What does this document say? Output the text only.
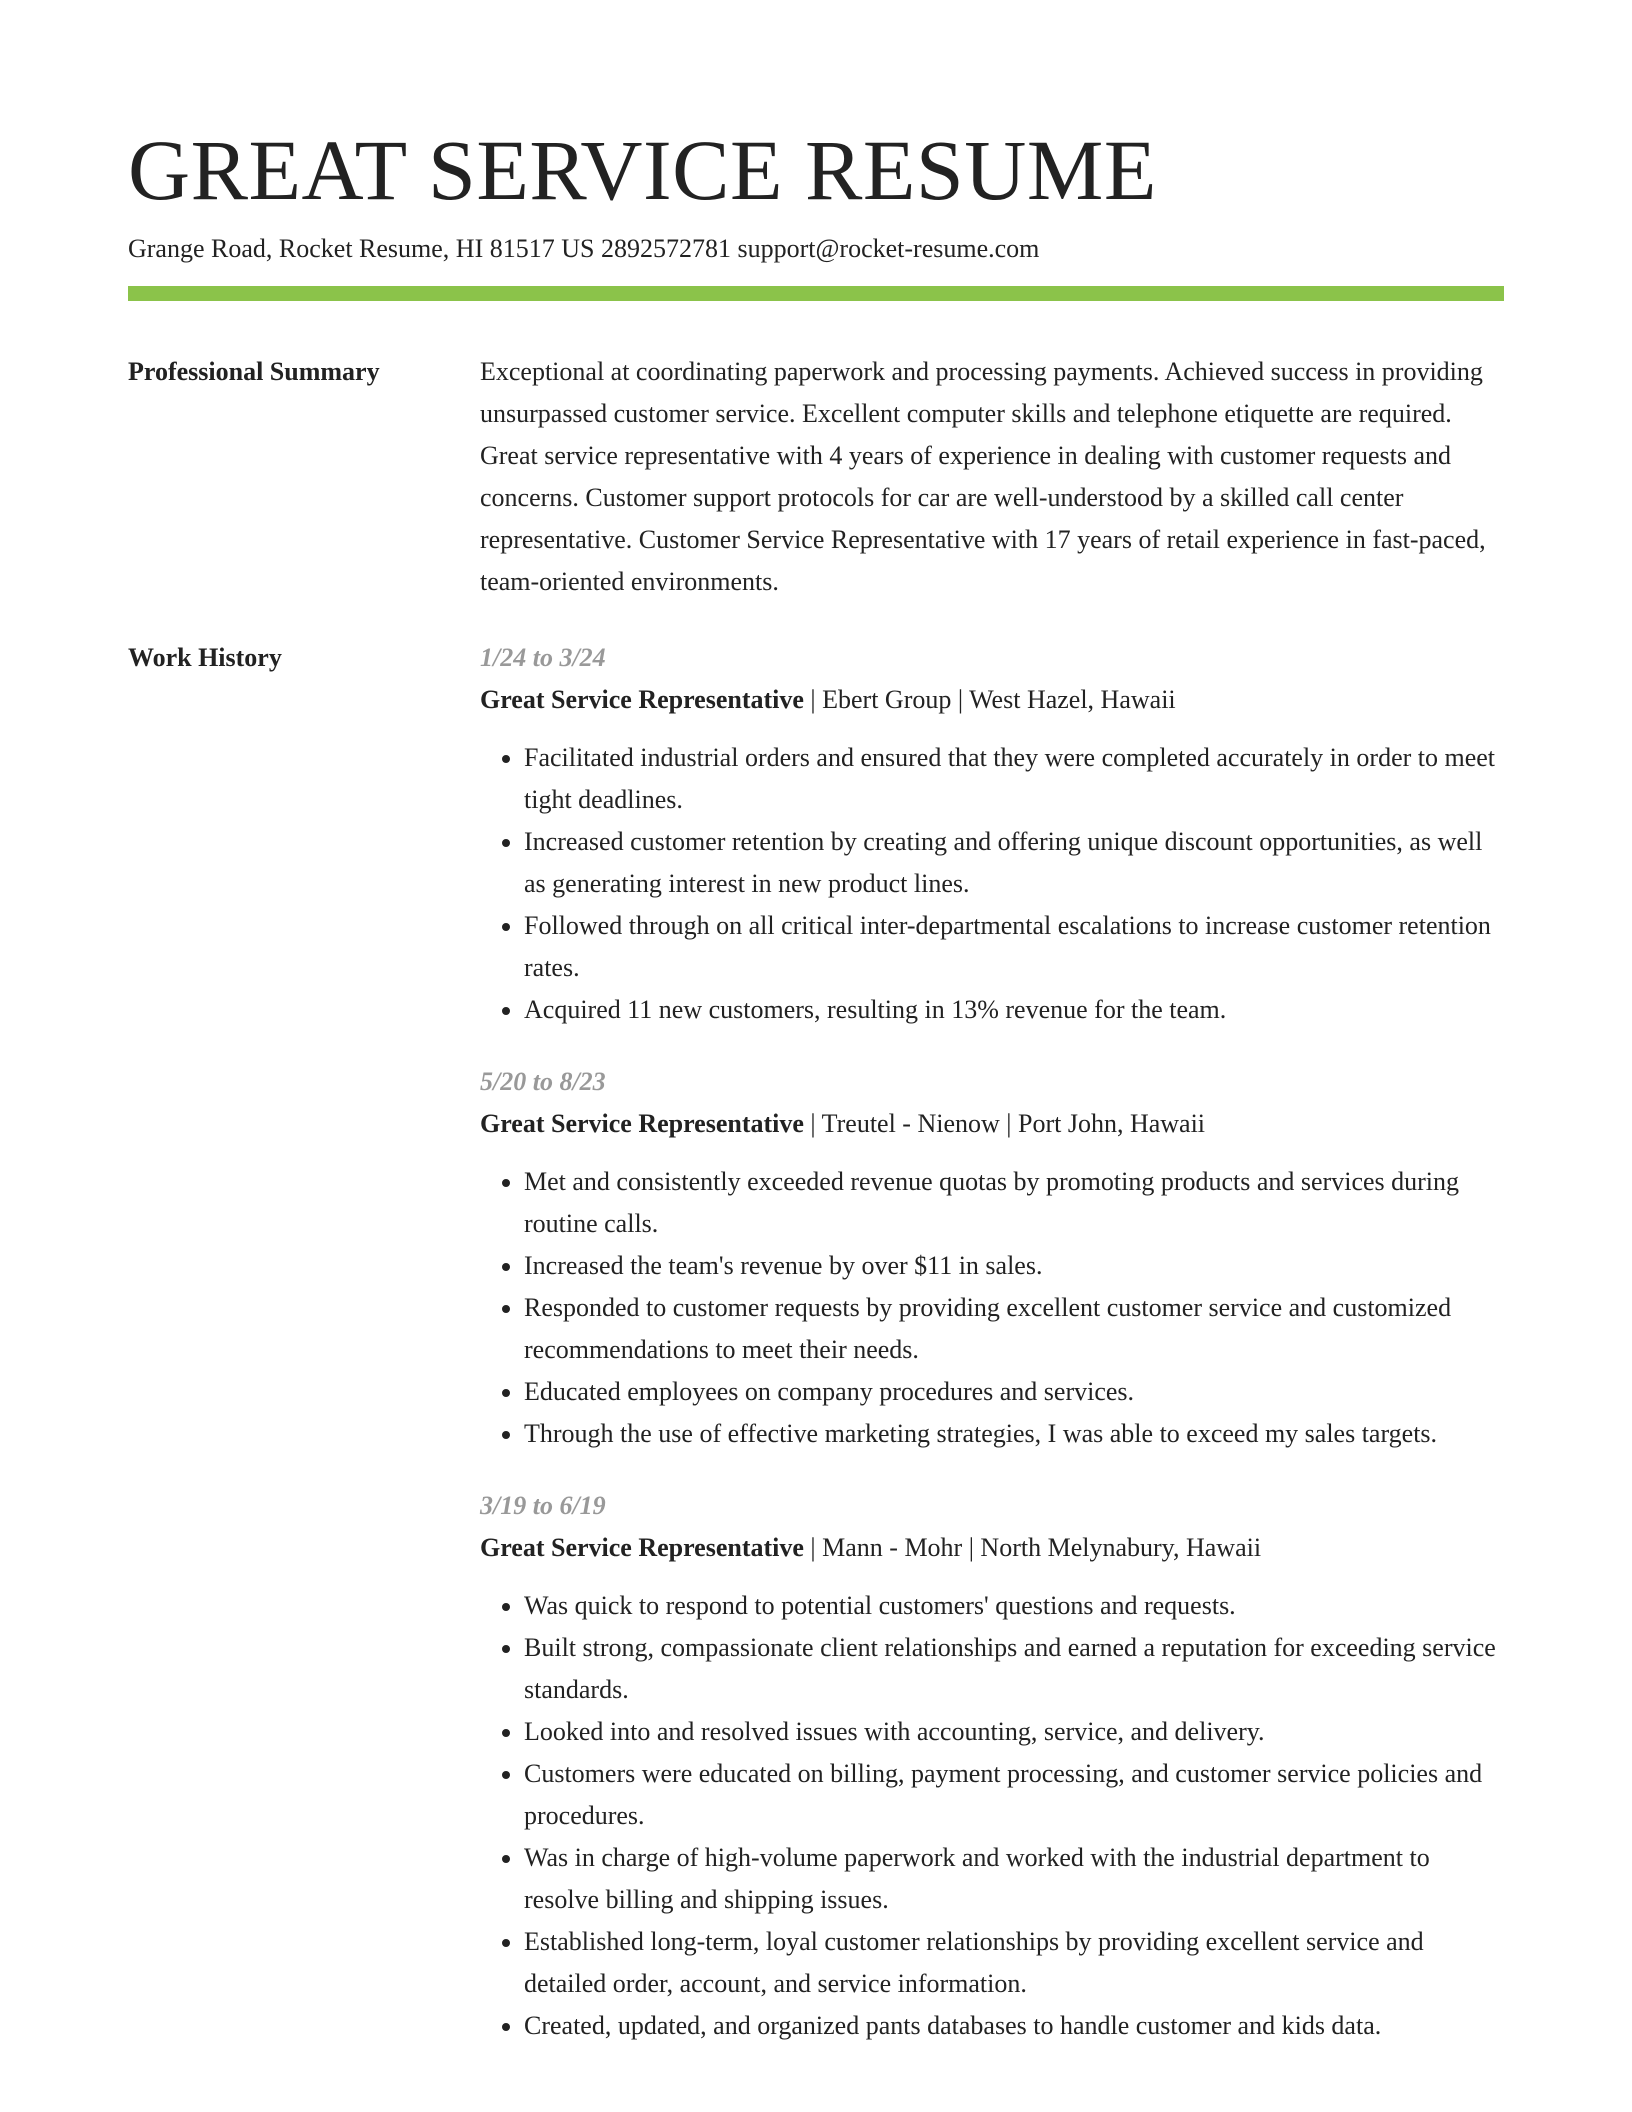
GREAT SERVICE RESUME
Grange Road, Rocket Resume, HI 81517 US 2892572781 support@rocket-resume.com
Professional Summary	Exceptional at coordinating paperwork and processing payments. Achieved success in providing unsurpassed customer service. Excellent computer skills and telephone etiquette are required. Great service representative with 4 years of experience in dealing with customer requests and concerns. Customer support protocols for car are well-understood by a skilled call center representative. Customer Service Representative with 17 years of retail experience in fast-paced, team-oriented environments.

Work History	1/24 to 3/24
Great Service Representative | Ebert Group | West Hazel, Hawaii
• Facilitated industrial orders and ensured that they were completed accurately in order to meet tight deadlines.
• Increased customer retention by creating and offering unique discount opportunities, as well as generating interest in new product lines.
• Followed through on all critical inter-departmental escalations to increase customer retention rates.
• Acquired 11 new customers, resulting in 13% revenue for the team.
5/20 to 8/23
Great Service Representative | Treutel - Nienow | Port John, Hawaii
• Met and consistently exceeded revenue quotas by promoting products and services during routine calls.
• Increased the team's revenue by over $11 in sales.
• Responded to customer requests by providing excellent customer service and customized recommendations to meet their needs.
• Educated employees on company procedures and services.
• Through the use of effective marketing strategies, I was able to exceed my sales targets.
3/19 to 6/19
Great Service Representative | Mann - Mohr | North Melynabury, Hawaii
• Was quick to respond to potential customers' questions and requests.
• Built strong, compassionate client relationships and earned a reputation for exceeding service standards.
• Looked into and resolved issues with accounting, service, and delivery.
• Customers were educated on billing, payment processing, and customer service policies and procedures.
• Was in charge of high-volume paperwork and worked with the industrial department to resolve billing and shipping issues.
• Established long-term, loyal customer relationships by providing excellent service and detailed order, account, and service information.
• Created, updated, and organized pants databases to handle customer and kids data.
